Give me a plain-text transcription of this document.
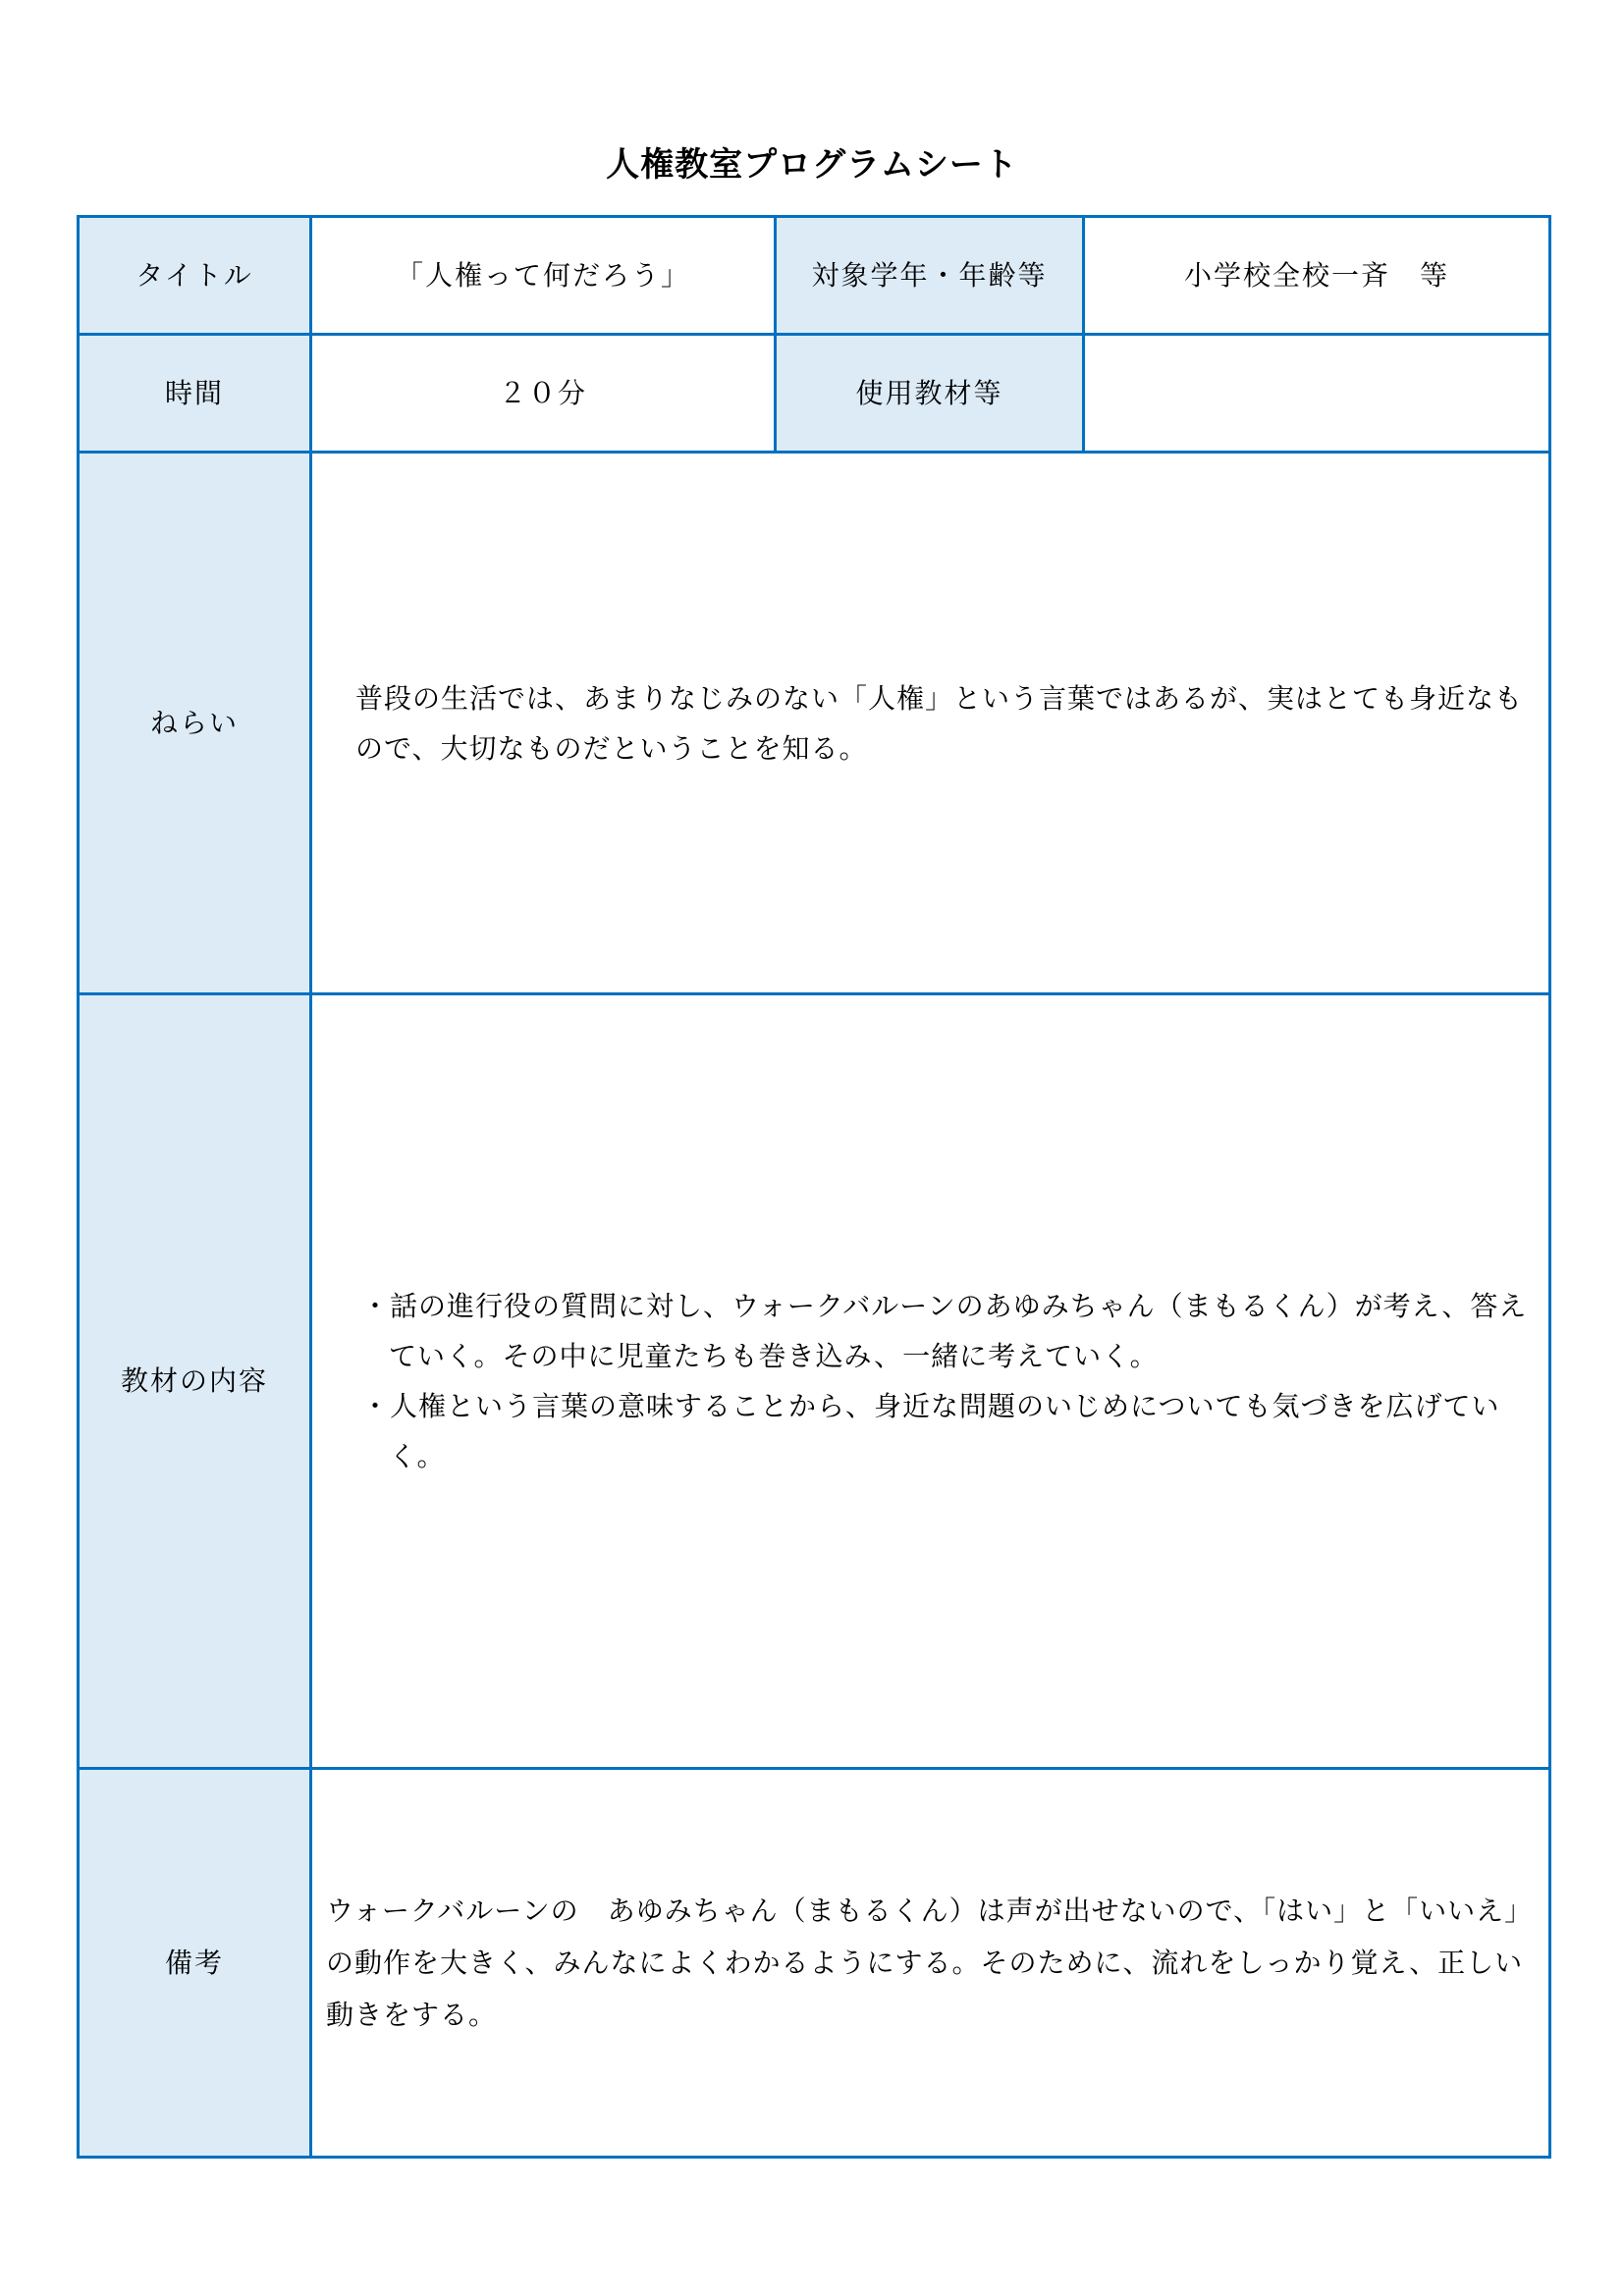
人権教室プログラムシート
タイトル	「人権って何だろう」	対象学年・年齢等	小学校全校一斉　等
時間	２０分	使用教材等	
ねらい	普段の生活では、あまりなじみのない「人権」という言葉ではあるが、実はとても身近なもので、大切なものだということを知る。		
教材の内容	・話の進行役の質問に対し、ウォークバルーンのあゆみちゃん（まもるくん）が考え、答えていく。その中に児童たちも巻き込み、一緒に考えていく。
・人権という言葉の意味することから、身近な問題のいじめについても気づきを広げていく。		

備考	ウォークバルーンの　あゆみちゃん（まもるくん）は声が出せないので、「はい」と「いいえ」の動作を大きく、みんなによくわかるようにする。そのために、流れをしっかり覚え、正しい動きをする。		
